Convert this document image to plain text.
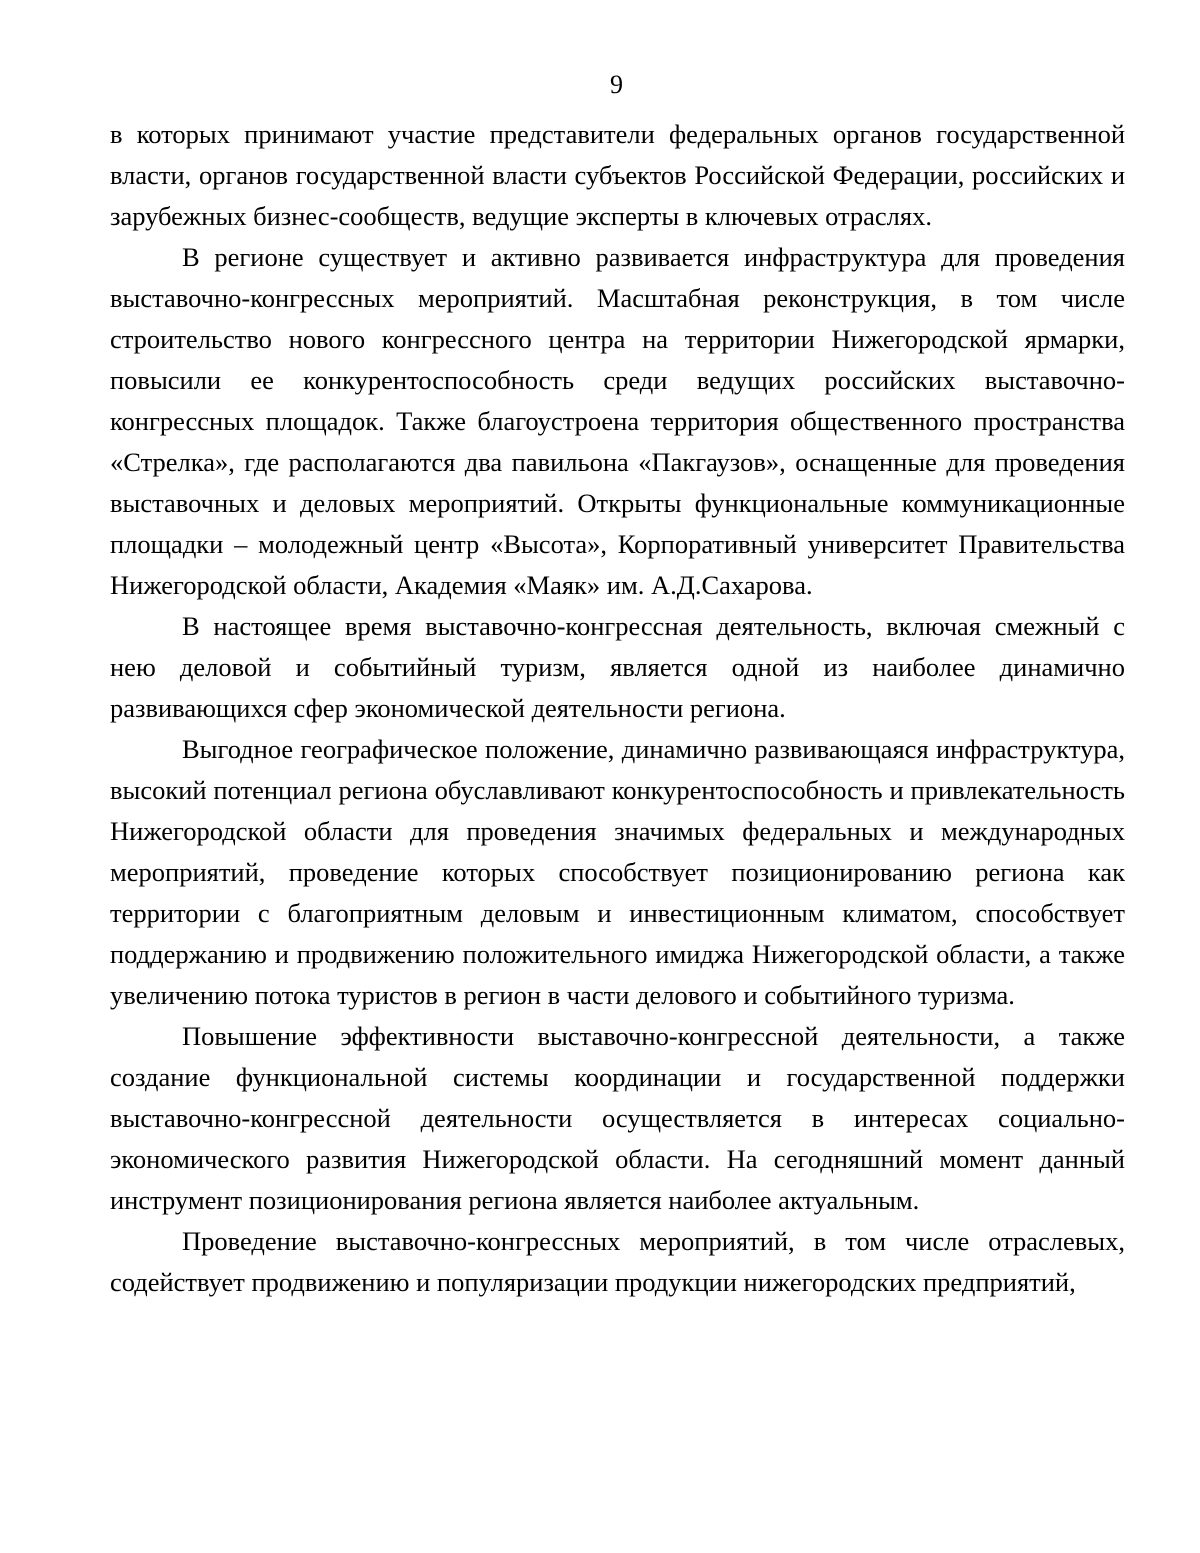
9

в которых принимают участие представители федеральных органов государственной власти, органов государственной власти субъектов Российской Федерации, российских и зарубежных бизнес-сообществ, ведущие эксперты в ключевых отраслях.

В регионе существует и активно развивается инфраструктура для проведения выставочно-конгрессных мероприятий. Масштабная реконструкция, в том числе строительство нового конгрессного центра на территории Нижегородской ярмарки, повысили ее конкурентоспособность среди ведущих российских выставочно-конгрессных площадок. Также благоустроена территория общественного пространства «Стрелка», где располагаются два павильона «Пакгаузов», оснащенные для проведения выставочных и деловых мероприятий. Открыты функциональные коммуникационные площадки – молодежный центр «Высота», Корпоративный университет Правительства Нижегородской области, Академия «Маяк» им. А.Д.Сахарова.

В настоящее время выставочно-конгрессная деятельность, включая смежный с нею деловой и событийный туризм, является одной из наиболее динамично развивающихся сфер экономической деятельности региона.

Выгодное географическое положение, динамично развивающаяся инфраструктура, высокий потенциал региона обуславливают конкурентоспособность и привлекательность Нижегородской области для проведения значимых федеральных и международных мероприятий, проведение которых способствует позиционированию региона как территории с благоприятным деловым и инвестиционным климатом, способствует поддержанию и продвижению положительного имиджа Нижегородской области, а также увеличению потока туристов в регион в части делового и событийного туризма.

Повышение эффективности выставочно-конгрессной деятельности, а также создание функциональной системы координации и государственной поддержки выставочно-конгрессной деятельности осуществляется в интересах социально-экономического развития Нижегородской области. На сегодняшний момент данный инструмент позиционирования региона является наиболее актуальным.

Проведение выставочно-конгрессных мероприятий, в том числе отраслевых, содействует продвижению и популяризации продукции нижегородских предприятий,
